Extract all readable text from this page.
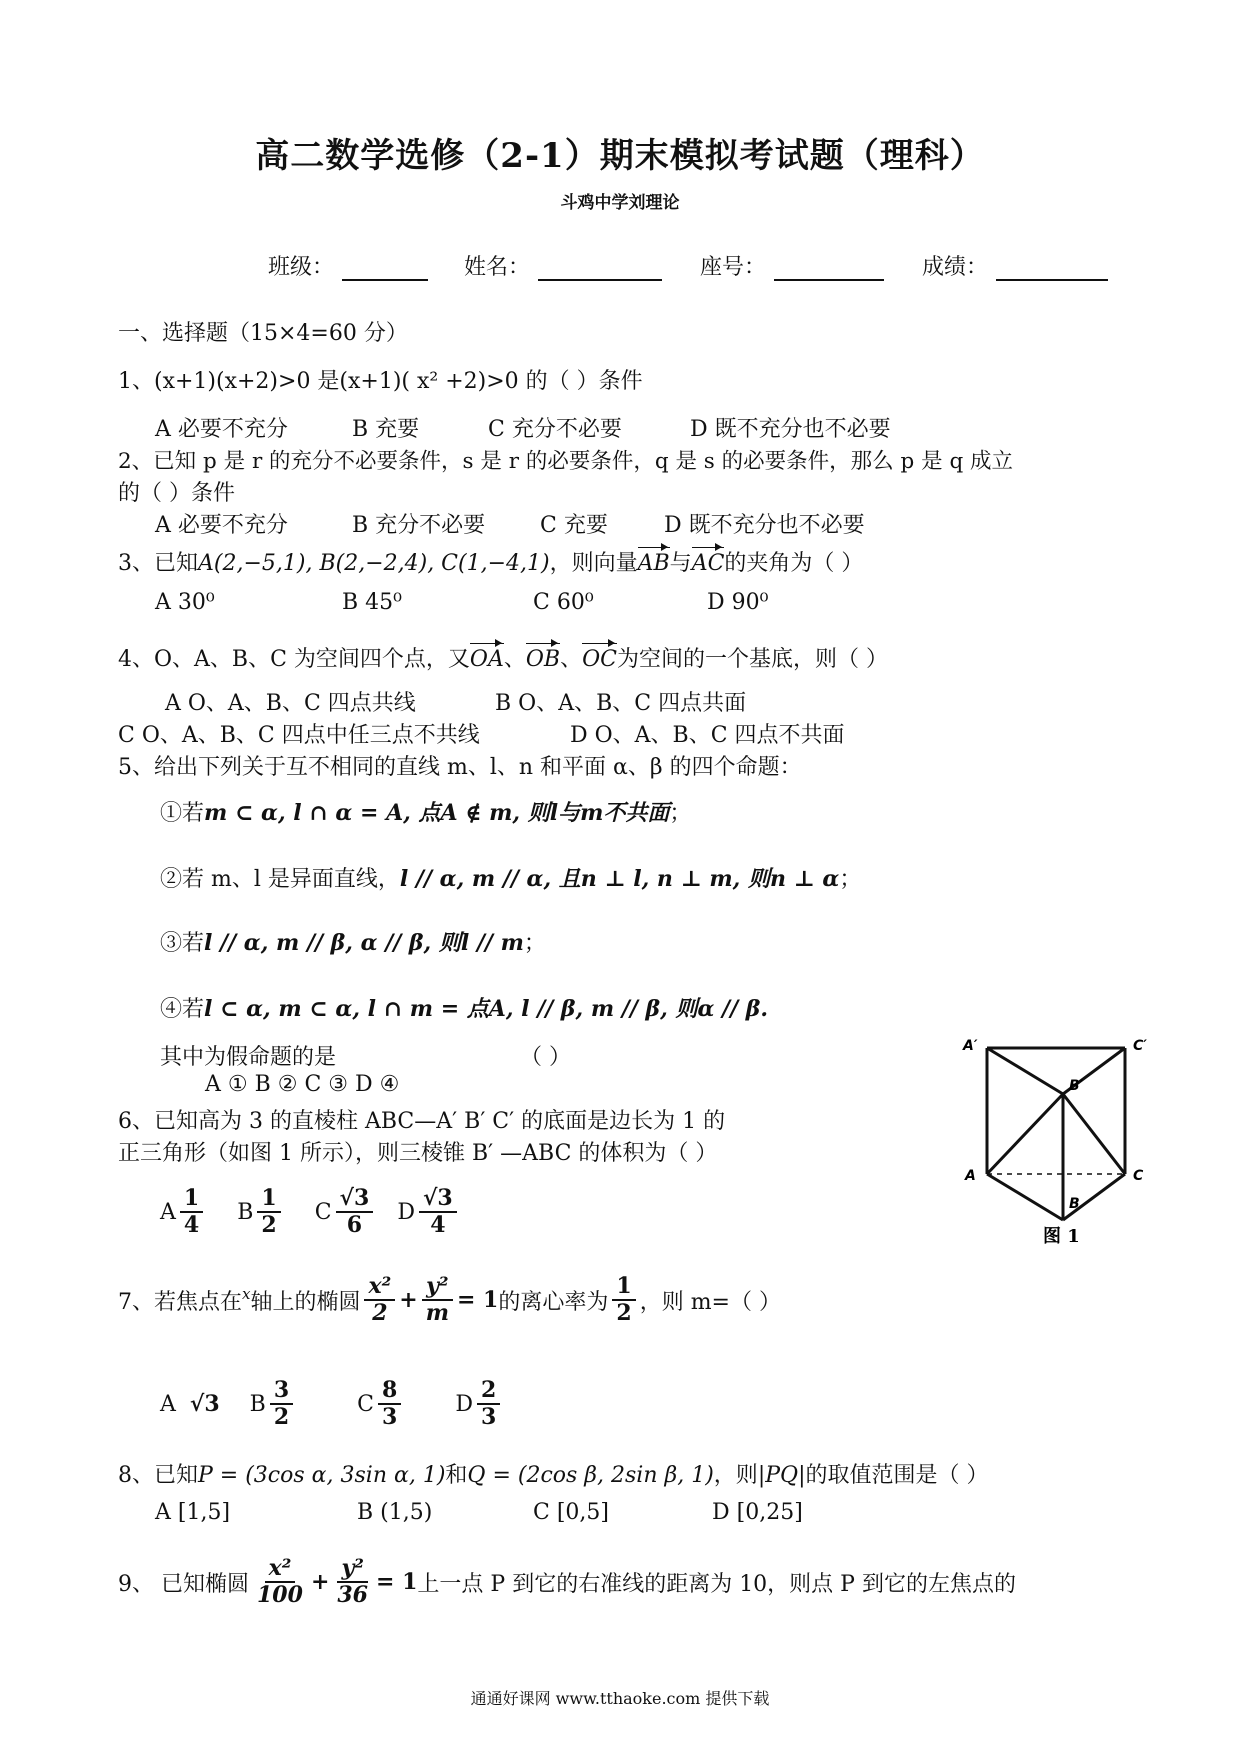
高二数学选修（2-1）期末模拟考试题（理科）
斗鸡中学刘理论
班级：	姓名：	座号：	成绩：
一、选择题（15×4=60 分）
1、(x+1)(x+2)>0 是(x+1)( x² +2)>0 的（ ）条件
A 必要不充分	B 充要	C 充分不必要	D 既不充分也不必要
2、已知 p 是 r 的充分不必要条件，s 是 r 的必要条件，q 是 s 的必要条件，那么 p 是 q 成立
的（ ）条件
A 必要不充分	B 充分不必要 C 充要	D 既不充分也不必要
3、已知A(2,−5,1), B(2,−2,4), C(1,−4,1)，则向量AB与AC的夹角为（ ）
A 30⁰	B 45⁰	C 60⁰	D 90⁰
4、O、A、B、C 为空间四个点，又OA、OB、OC为空间的一个基底，则（ ）
A O、A、B、C 四点共线	B O、A、B、C 四点共面
C O、A、B、C 四点中任三点不共线	D O、A、B、C 四点不共面
5、给出下列关于互不相同的直线 m、l、n 和平面 α、β 的四个命题：
①若m ⊂ α, l ∩ α = A, 点A ∉ m, 则l与m不共面；
②若 m、l 是异面直线，l // α, m // α, 且n ⊥ l, n ⊥ m, 则n ⊥ α；
③若l // α, m // β, α // β, 则l // m；
④若l ⊂ α, m ⊂ α, l ∩ m = 点A, l // β, m // β, 则α // β.
其中为假命题的是	（ ）
A ① B ② C ③ D ④
6、已知高为 3 的直棱柱 ABC—A′ B′ C′ 的底面是边长为 1 的
正三角形（如图 1 所示），则三棱锥 B′ —ABC 的体积为（ ）
A $\frac{1}{4}$ B $\frac{1}{2}$ C $\frac{√3}{6}$ D $\frac{√3}{4}$
A′	C′
B′
A	C
B
图 1
7、若焦点在 x 轴上的椭圆 $\frac{\text{x²}}{2} + \frac{\text{y²}}{m} = 1$ 的离心率为 $\frac{1}{2}$ ，则 m=（ ）
A √3 B $\frac{3}{2}$	C $\frac{8}{3}$ D $\frac{2}{3}$
8、已知P = (3cos α, 3sin α, 1)和Q = (2cos β, 2sin β, 1)，则|PQ|的取值范围是（ ）
A [1,5]	B (1,5)	C [0,5]	D [0,25]
9、 已知椭圆 $\frac{\text{x²}}{100} + \frac{\text{y²}}{36} = 1$ 上一点 P 到它的右准线的距离为 10，则点 P 到它的左焦点的
通通好课网 www.tthaoke.com 提供下载
